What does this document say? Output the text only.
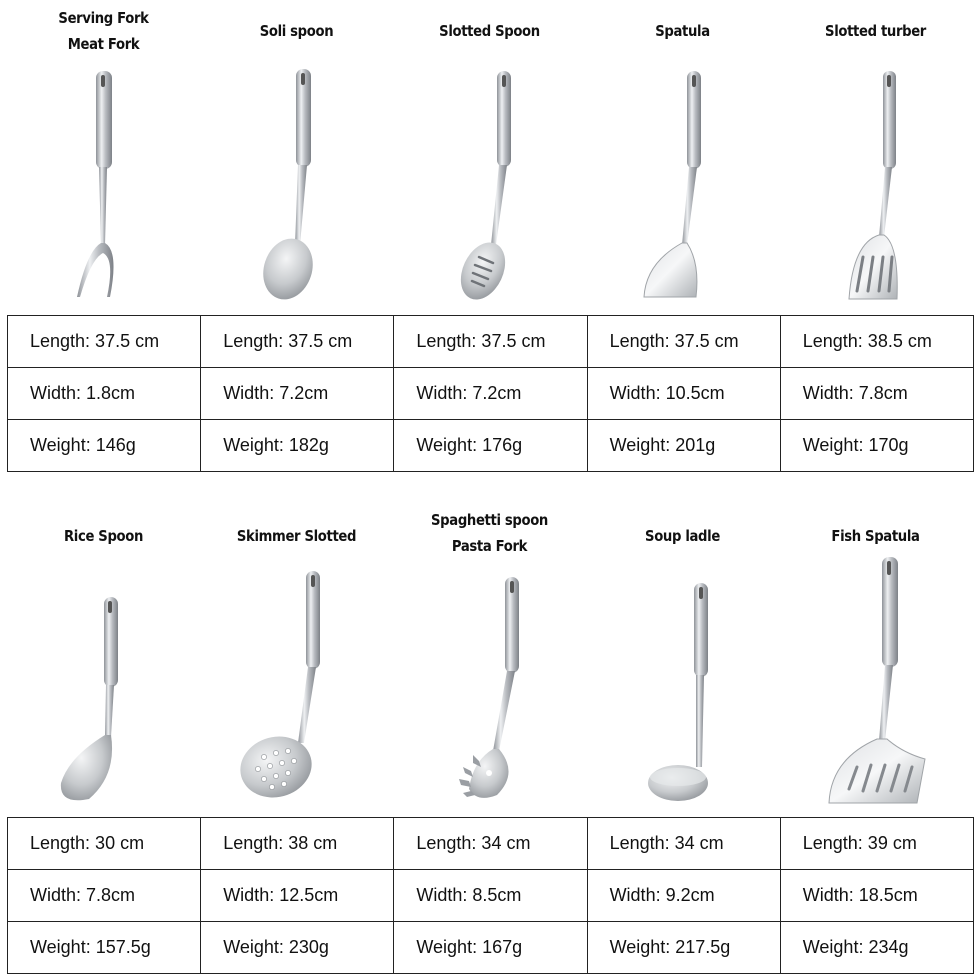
Serving Fork
Meat Fork
Soli spoon	Slotted Spoon	Spatula	Slotted turber
Length: 37.5 cm	Length: 37.5 cm	Length: 37.5 cm	Length: 37.5 cm	Length: 38.5 cm
Width: 1.8cm	Width: 7.2cm	Width: 7.2cm	Width: 10.5cm	Width: 7.8cm
Weight: 146g	Weight: 182g	Weight: 176g	Weight: 201g	Weight: 170g
Rice Spoon	Skimmer Slotted
Spaghetti spoon
Pasta Fork
Soup ladle	Fish Spatula
Length: 30 cm	Length: 38 cm	Length: 34 cm	Length: 34 cm	Length: 39 cm
Width: 7.8cm	Width: 12.5cm	Width: 8.5cm	Width: 9.2cm	Width: 18.5cm
Weight: 157.5g	Weight: 230g	Weight: 167g	Weight: 217.5g	Weight: 234g
